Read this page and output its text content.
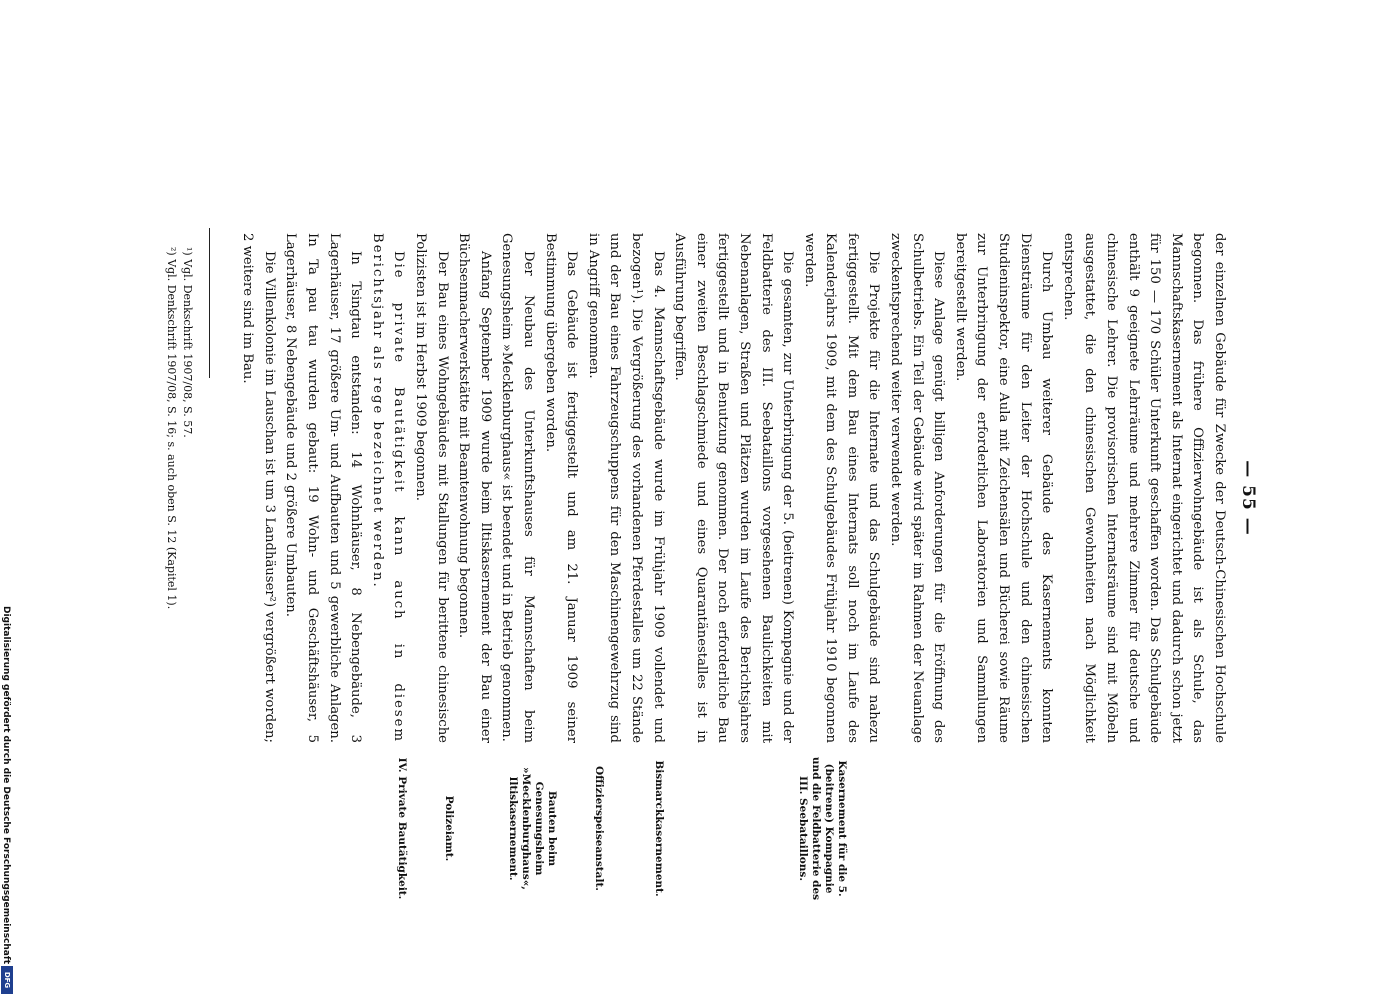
— 55 —

der einzelnen Gebäude für Zwecke der Deutsch-Chinesischen Hochschule begonnen. Das frühere Offizierwohngebäude ist als Schule, das Mannschaftskasernement als Internat eingerichtet und dadurch schon jetzt für 150 — 170 Schüler Unterkunft geschaffen worden. Das Schulgebäude enthält 9 geeignete Lehrräume und mehrere Zimmer für deutsche und chinesische Lehrer. Die provisorischen Internatsräume sind mit Möbeln ausgestattet, die den chinesischen Gewohnheiten nach Möglichkeit entsprechen.

Durch Umbau weiterer Gebäude des Kasernements konnten Diensträume für den Leiter der Hochschule und den chinesischen Studieninspektor, eine Aula mit Zeichensälen und Bücherei sowie Räume zur Unterbringung der erforderlichen Laboratorien und Sammlungen bereitgestellt werden.

Diese Anlage genügt billigen Anforderungen für die Eröffnung des Schulbetriebs. Ein Teil der Gebäude wird später im Rahmen der Neuanlage zweckentsprechend weiter verwendet werden.

Die Projekte für die Internate und das Schulgebäude sind nahezu fertiggestellt. Mit dem Bau eines Internats soll noch im Laufe des Kalenderjahrs 1909, mit dem des Schulgebäudes Frühjahr 1910 begonnen werden.

Die gesamten, zur Unterbringung der 5. (beitrenen) Kompagnie und der Feldbatterie des III. Seebataillons vorgesehenen Baulichkeiten mit Nebenanlagen, Straßen und Plätzen wurden im Laufe des Berichtsjahres fertiggestellt und in Benutzung genommen. Der noch erforderliche Bau einer zweiten Beschlagschmiede und eines Quarantänestalles ist in Ausführung begriffen.

Das 4. Mannschaftsgebäude wurde im Frühjahr 1909 vollendet und bezogen¹). Die Vergrößerung des vorhandenen Pferdestalles um 22 Stände und der Bau eines Fahrzeugschuppens für den Maschinengewehrzug sind in Angriff genommen.

Das Gebäude ist fertiggestellt und am 21. Januar 1909 seiner Bestimmung übergeben worden.

Der Neubau des Unterkunftshauses für Mannschaften beim Genesungsheim »Mecklenburghaus« ist beendet und in Betrieb genommen.

Anfang September 1909 wurde beim Iltiskasernement der Bau einer Büchsenmacherwerkstätte mit Beamtenwohnung begonnen.

Der Bau eines Wohngebäudes mit Stallungen für berittene chinesische Polizisten ist im Herbst 1909 begonnen.

Die private Bautätigkeit kann auch in diesem Berichtsjahr als rege bezeichnet werden.

In Tsingtau entstanden: 14 Wohnhäuser, 8 Nebengebäude, 3 Lagerhäuser, 17 größere Um- und Aufbauten und 5 gewerbliche Anlagen. In Ta pau tau wurden gebaut: 19 Wohn- und Geschäftshäuser, 5 Lagerhäuser, 8 Nebengebäude und 2 größere Umbauten.

Die Villenkolonie im Lauschan ist um 3 Landhäuser²) vergrößert worden; 2 weitere sind im Bau.

Kasernement für die 5. (beitrene) Kompagnie und die Feldbatterie des III. Seebataillons.
Bismarckkasernement.
Offizierspeiseanstalt.
Bauten beim Genesungsheim »Mecklenburghaus«, Iltiskasernement.
Polizeiamt.
IV. Private Bautätigkeit.
¹) Vgl. Denkschrift 1907/08, S. 57.
²) Vgl. Denkschrift 1907/08, S. 16; s. auch oben S. 12 (Kapitel 1).
Digitalisierung gefördert durch die Deutsche Forschungsgemeinschaft
DFG
